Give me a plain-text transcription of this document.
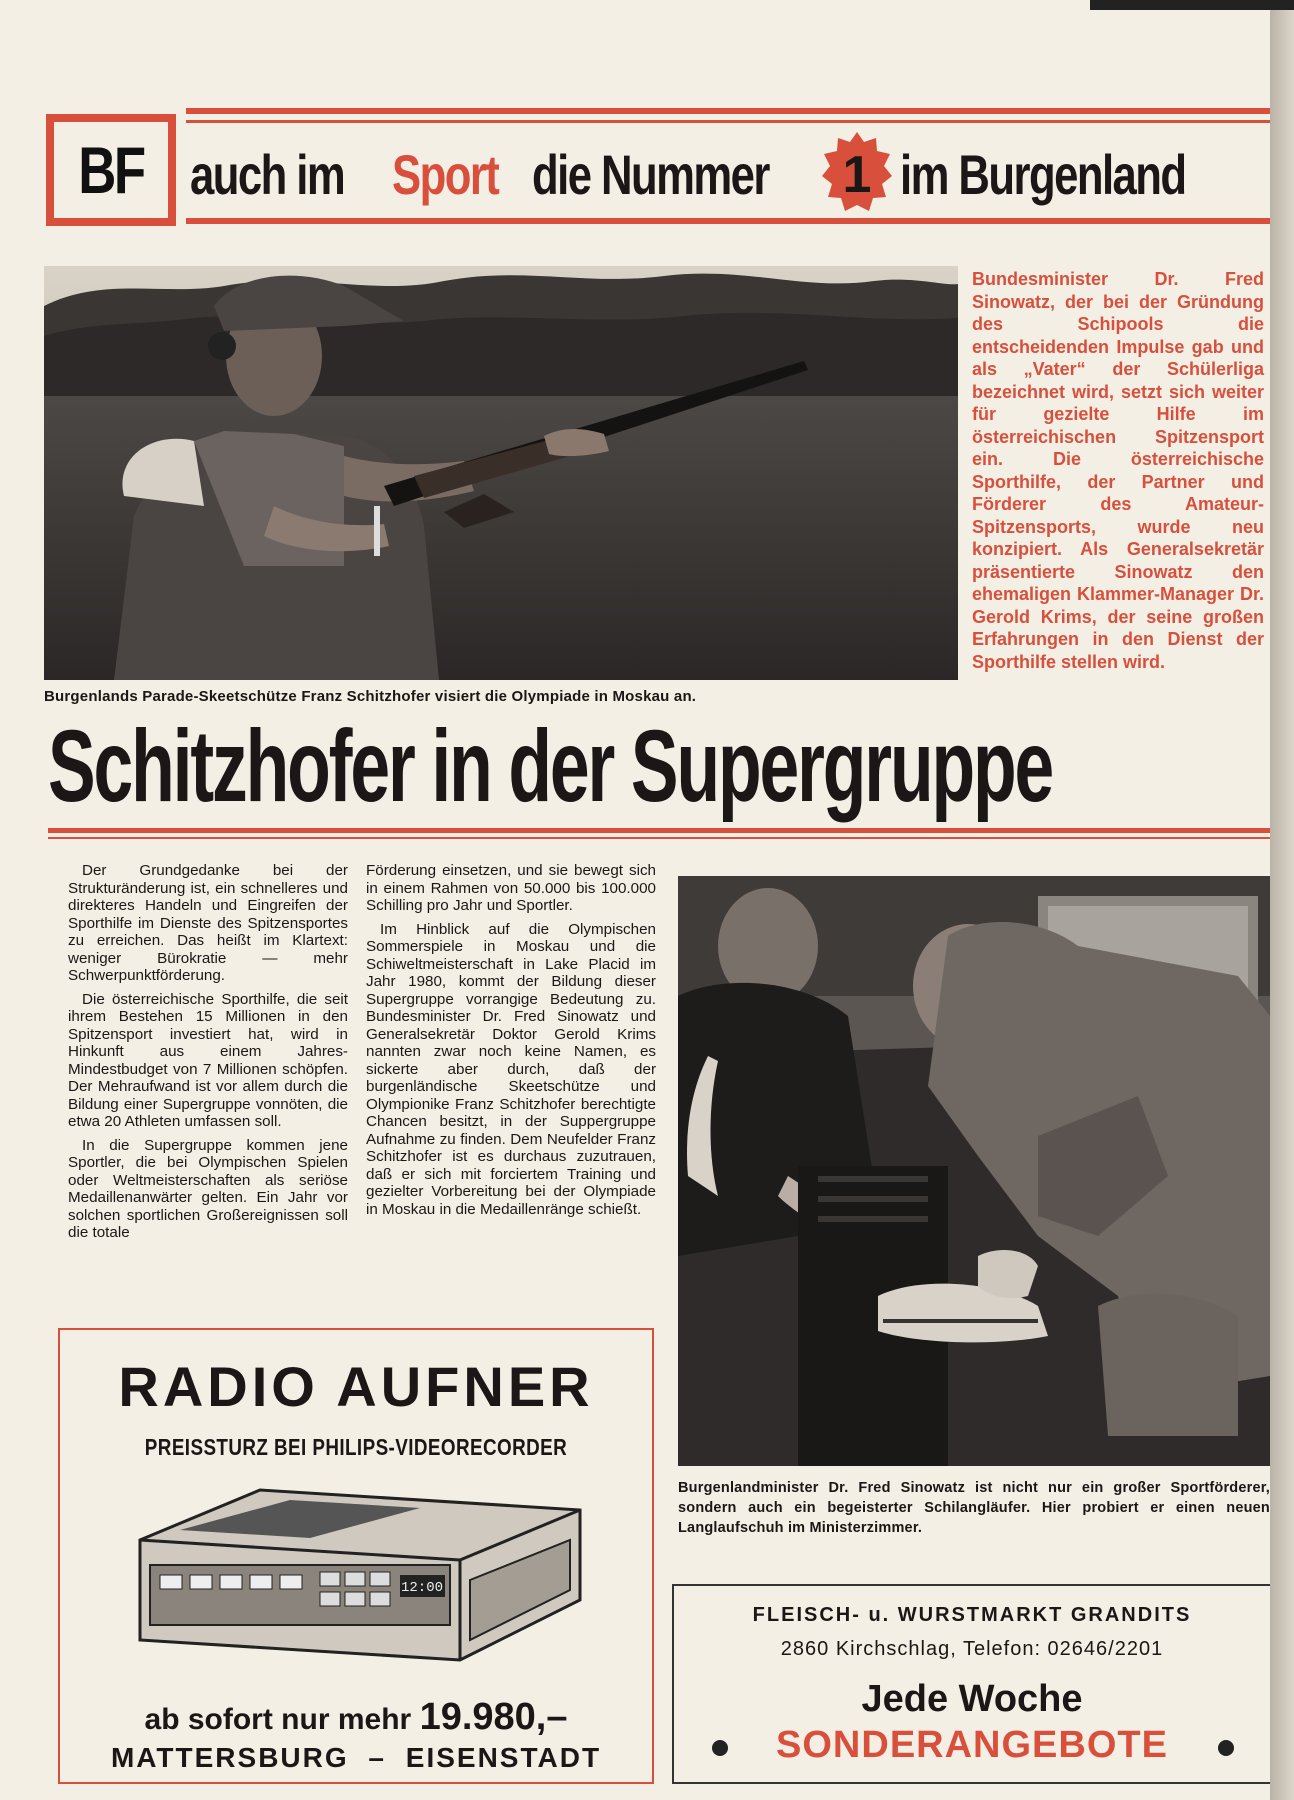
BF auch im Sport die Nummer im Burgenland
1
Burgenlands Parade-Skeetschütze Franz Schitzhofer visiert die Olympiade in Moskau an.
Bundesminister Dr. Fred Sinowatz, der bei der Gründung des Schipools die entscheidenden Impulse gab und als „Vater“ der Schülerliga bezeichnet wird, setzt sich weiter für gezielte Hilfe im österreichischen Spitzensport ein. Die österreichische Sporthilfe, der Partner und Förderer des Amateur-Spitzensports, wurde neu konzipiert. Als Generalsekretär präsentierte Sinowatz den ehemaligen Klammer-Manager Dr. Gerold Krims, der seine großen Erfahrungen in den Dienst der Sporthilfe stellen wird.
Schitzhofer in der Supergruppe

Der Grundgedanke bei der Strukturänderung ist, ein schnelleres und direkteres Handeln und Eingreifen der Sporthilfe im Dienste des Spitzensportes zu erreichen. Das heißt im Klartext: weniger Bürokratie — mehr Schwerpunktförderung.

Die österreichische Sporthilfe, die seit ihrem Bestehen 15 Millionen in den Spitzensport investiert hat, wird in Hinkunft aus einem Jahres-Mindestbudget von 7 Millionen schöpfen. Der Mehraufwand ist vor allem durch die Bildung einer Supergruppe vonnöten, die etwa 20 Athleten umfassen soll.

In die Supergruppe kommen jene Sportler, die bei Olympischen Spielen oder Weltmeisterschaften als seriöse Medaillenanwärter gelten. Ein Jahr vor solchen sportlichen Großereignissen soll die totale

Förderung einsetzen, und sie bewegt sich in einem Rahmen von 50.000 bis 100.000 Schilling pro Jahr und Sportler.

Im Hinblick auf die Olympischen Sommerspiele in Moskau und die Schiweltmeisterschaft in Lake Placid im Jahr 1980, kommt der Bildung dieser Supergruppe vorrangige Bedeutung zu. Bundesminister Dr. Fred Sinowatz und Generalsekretär Doktor Gerold Krims nannten zwar noch keine Namen, es sickerte aber durch, daß der burgenländische Skeetschütze und Olympionike Franz Schitzhofer berechtigte Chancen besitzt, in der Suppergruppe Aufnahme zu finden. Dem Neufelder Franz Schitzhofer ist es durchaus zuzutrauen, daß er sich mit forciertem Training und gezielter Vorbereitung bei der Olympiade in Moskau in die Medaillenränge schießt.

Burgenlandminister Dr. Fred Sinowatz ist nicht nur ein großer Sportförderer, sondern auch ein begeisterter Schilangläufer. Hier probiert er einen neuen Langlaufschuh im Ministerzimmer.
RADIO AUFNER
PREISSTURZ BEI PHILIPS-VIDEORECORDER
12:00
ab sofort nur mehr 19.980,–
MATTERSBURG – EISENSTADT
FLEISCH- u. WURSTMARKT GRANDITS
2860 Kirchschlag, Telefon: 02646/2201
Jede Woche
SONDERANGEBOTE
